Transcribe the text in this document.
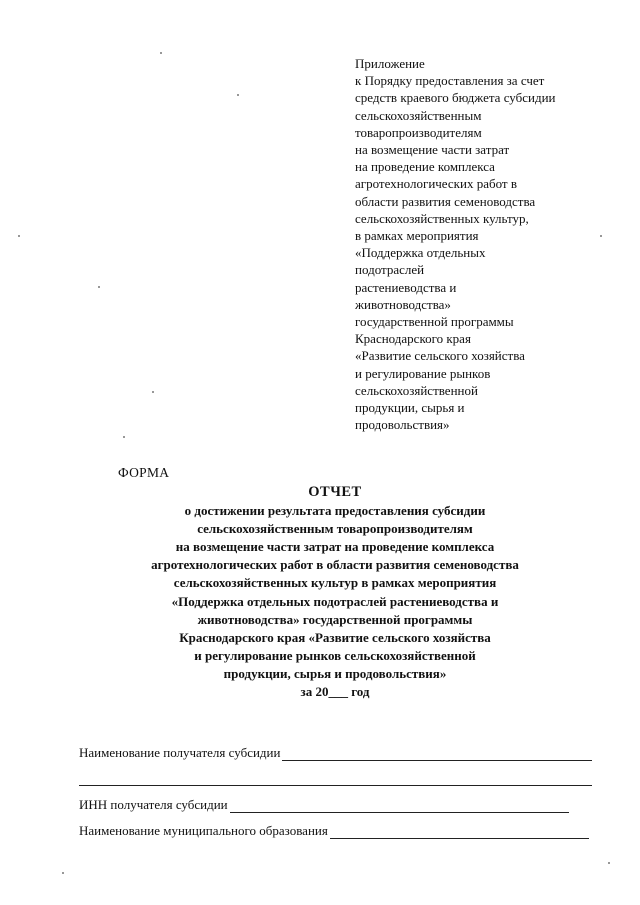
Приложение
к Порядку предоставления за счет
средств краевого бюджета субсидии
сельскохозяйственным
товаропроизводителям
на возмещение части затрат
на проведение комплекса
агротехнологических работ в
области развития семеноводства
сельскохозяйственных культур,
в рамках мероприятия
«Поддержка отдельных
подотраслей
растениеводства и
животноводства»
государственной программы
Краснодарского края
«Развитие сельского хозяйства
и регулирование рынков
сельскохозяйственной
продукции, сырья и
продовольствия»
ФОРМА
ОТЧЕТ
о достижении результата предоставления субсидии
сельскохозяйственным товаропроизводителям
на возмещение части затрат на проведение комплекса
агротехнологических работ в области развития семеноводства
сельскохозяйственных культур в рамках мероприятия
«Поддержка отдельных подотраслей растениеводства и
животноводства» государственной программы
Краснодарского края «Развитие сельского хозяйства
и регулирование рынков сельскохозяйственной
продукции, сырья и продовольствия»
за 20___ год
Наименование получателя субсидии
ИНН получателя субсидии
Наименование муниципального образования
